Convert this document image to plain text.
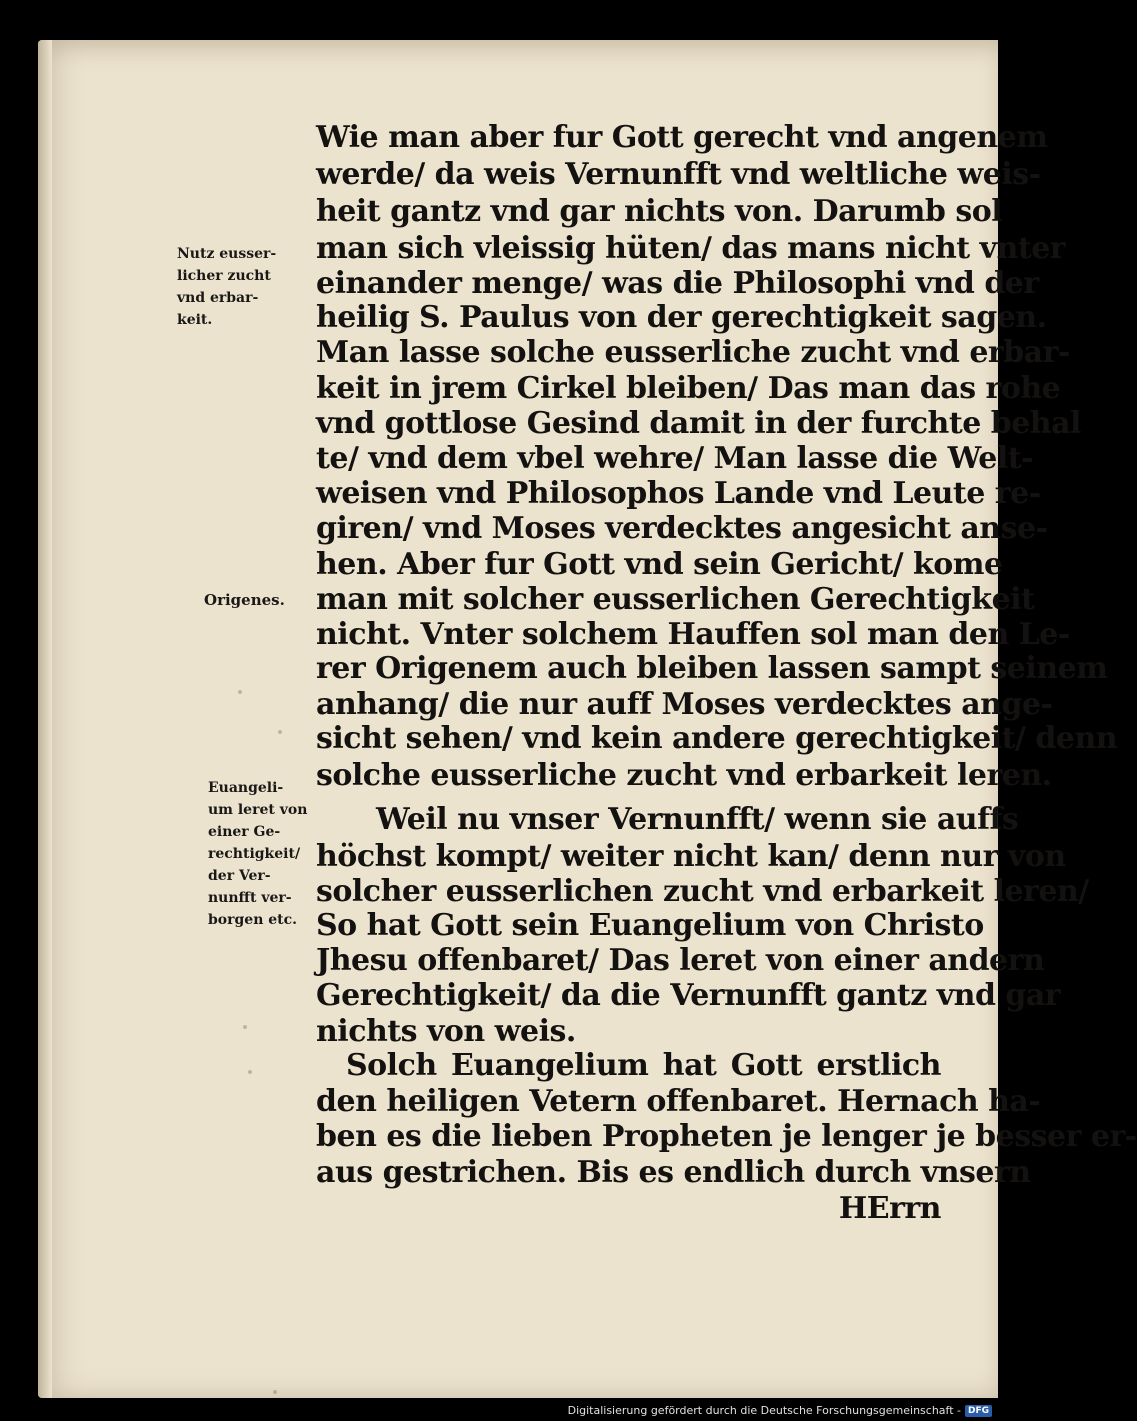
Nutz eusser-
licher zucht
vnd erbar-
keit.
Origenes.
Euangeli-
um leret von
einer Ge-
rechtigkeit/
der Ver-
nunfft ver-
borgen etc.
Wie man aber fur Gott gerecht vnd angenem
werde/ da weis Vernunfft vnd weltliche weis-
heit gantz vnd gar nichts von. Darumb sol
man sich vleissig hüten/ das mans nicht vnter
einander menge/ was die Philosophi vnd der
heilig S. Paulus von der gerechtigkeit sagen.
Man lasse solche eusserliche zucht vnd erbar-
keit in jrem Cirkel bleiben/ Das man das rohe
vnd gottlose Gesind damit in der furchte behal
te/ vnd dem vbel wehre/ Man lasse die Welt-
weisen vnd Philosophos Lande vnd Leute re-
giren/ vnd Moses verdecktes angesicht anse-
hen. Aber fur Gott vnd sein Gericht/ kome
man mit solcher eusserlichen Gerechtigkeit
nicht. Vnter solchem Hauffen sol man den Le-
rer Origenem auch bleiben lassen sampt seinem
anhang/ die nur auff Moses verdecktes ange-
sicht sehen/ vnd kein andere gerechtigkeit/ denn
solche eusserliche zucht vnd erbarkeit leren.
Weil nu vnser Vernunfft/ wenn sie auffs
höchst kompt/ weiter nicht kan/ denn nur von
solcher eusserlichen zucht vnd erbarkeit leren/
So hat Gott sein Euangelium von Christo
Jhesu offenbaret/ Das leret von einer andern
Gerechtigkeit/ da die Vernunfft gantz vnd gar
nichts von weis.
Solch Euangelium hat Gott erstlich
den heiligen Vetern offenbaret. Hernach ha-
ben es die lieben Propheten je lenger je besser er-
aus gestrichen. Bis es endlich durch vnsern
HErrn
Digitalisierung gefördert durch die Deutsche Forschungsgemeinschaft - DFG
